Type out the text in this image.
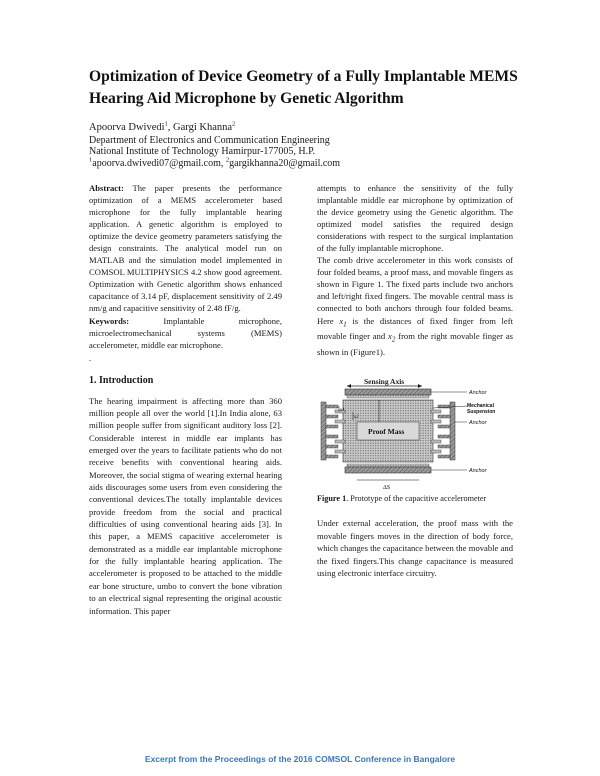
Optimization of Device Geometry of a Fully Implantable MEMS Hearing Aid Microphone by Genetic Algorithm
Apoorva Dwivedi$^1$, Gargi Khanna$^2$
Department of Electronics and Communication Engineering
National Institute of Technology Hamirpur-177005, H.P.
$^1$apoorva.dwivedi07@gmail.com, $^2$gargikhanna20@gmail.com

Abstract: The paper presents the performance optimization of a MEMS accelerometer based microphone for the fully implantable hearing application. A genetic algorithm is employed to optimize the device geometry parameters satisfying the design constraints. The analytical model run on MATLAB and the simulation model implemented in COMSOL MULTIPHYSICS 4.2 show good agreement. Optimization with Genetic algorithm shows enhanced capacitance of 3.14 pF, displacement sensitivity of 2.49 nm/g and capacitive sensitivity of 2.48 fF/g.

Keywords: Implantable microphone, microelectromechanical systems (MEMS) accelerometer, middle ear microphone.

.

1. Introduction

The hearing impairment is affecting more than 360 million people all over the world [1].In India alone, 63 million people suffer from significant auditory loss [2]. Considerable interest in middle ear implants has emerged over the years to facilitate patients who do not receive benefits with conventional hearing aids. Moreover, the social stigma of wearing external hearing aids discourages some users from even considering the conventional devices.The totally implantable devices provide freedom from the social and practical difficulties of using conventional hearing aids [3]. In this paper, a MEMS capacitive accelerometer is demonstrated as a middle ear implantable microphone for the fully implantable hearing application. The accelerometer is proposed to be attached to the middle ear bone structure, umbo to convert the bone vibration to an electrical signal representing the original acoustic information. This paper

attempts to enhance the sensitivity of the fully implantable middle ear microphone by optimization of the device geometry using the Genetic algorithm. The optimized model satisfies the required design considerations with respect to the surgical implantation of the fully implantable microphone.

The comb drive accelerometer in this work consists of four folded beams, a proof mass, and movable fingers as shown in Figure 1. The fixed parts include two anchors and left/right fixed fingers. The movable central mass is connected to both anchors through four folded beams. Here $x_1$ is the distances of fixed finger from left movable finger and $x_2$ from the right movable finger as shown in (Figure1).

Sensing Axis
Proof Mass
x1
x2
ΔS
Anchor
Mechanical
Suspension
Anchor
Anchor
Figure 1. Prototype of the capacitive accelerometer

Under external acceleration, the proof mass with the movable fingers moves in the direction of body force, which changes the capacitance between the movable and the fixed fingers.This change capacitance is measured using electronic interface circuitry.

Excerpt from the Proceedings of the 2016 COMSOL Conference in Bangalore
